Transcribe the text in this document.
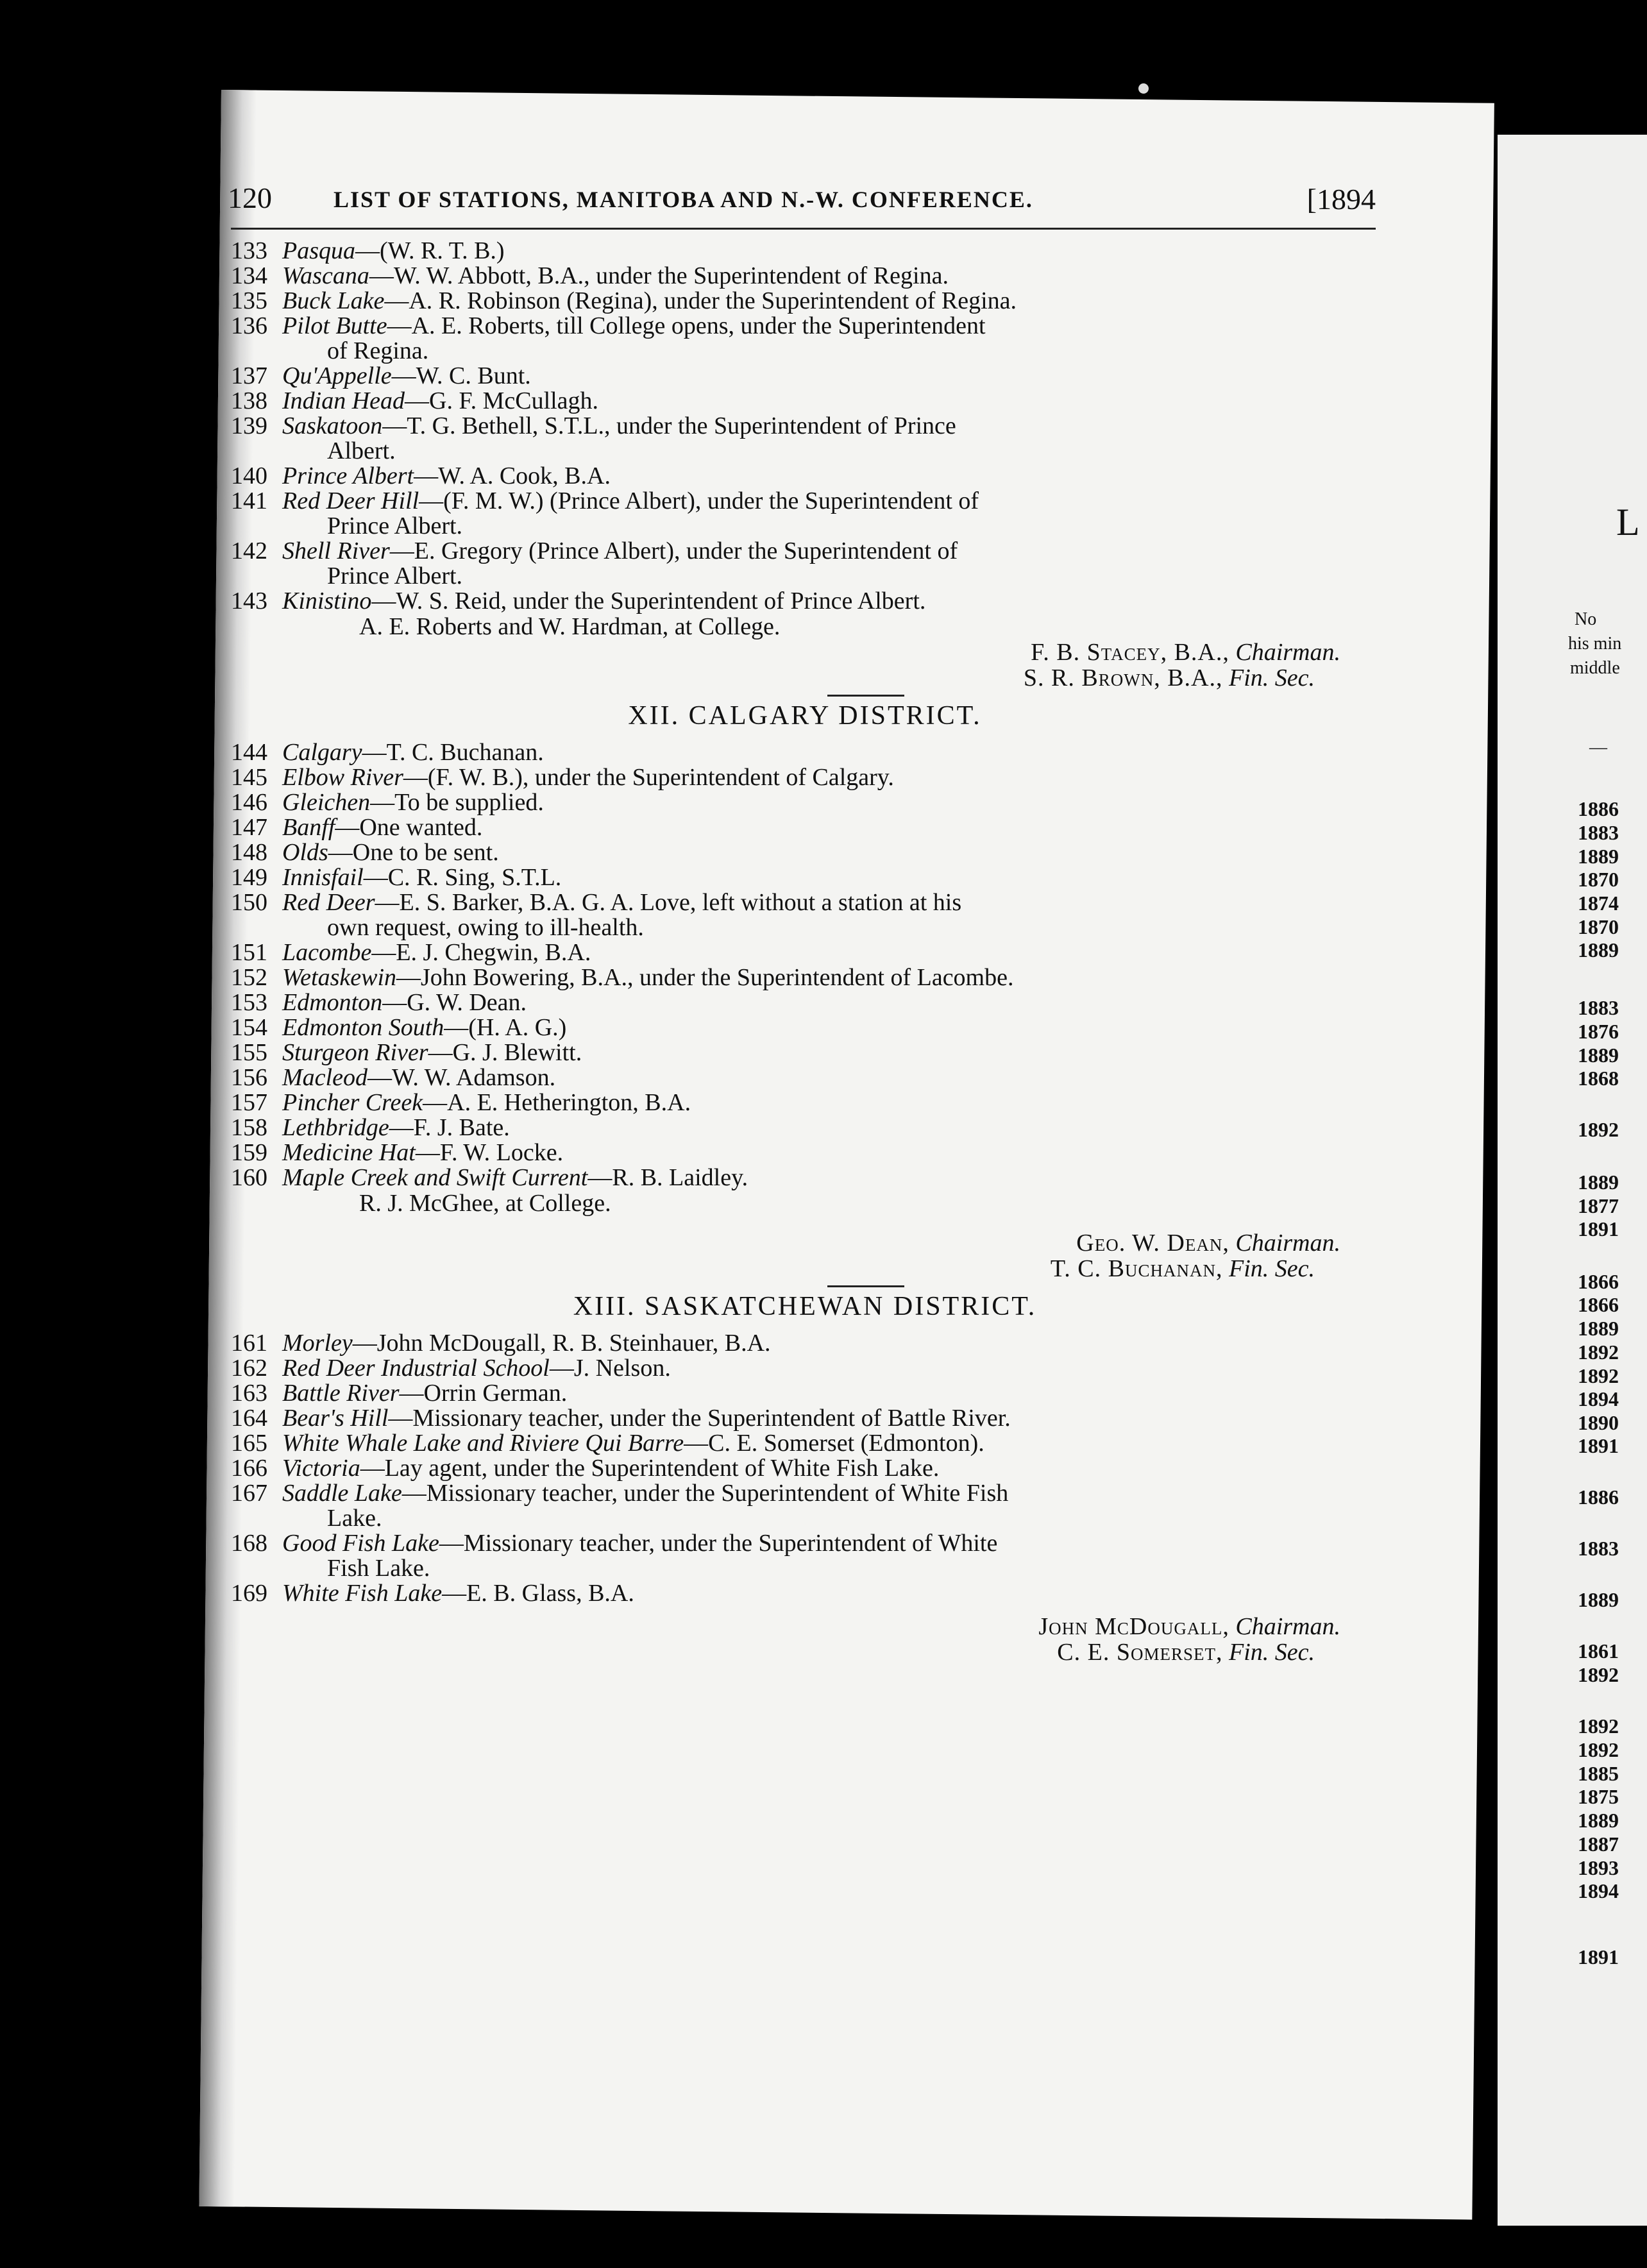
120	LIST OF STATIONS, MANITOBA AND N.-W. CONFERENCE.	[1894
133 Pasqua—(W. R. T. B.)
134 Wascana—W. W. Abbott, B.A., under the Superintendent of Regina.
135 Buck Lake—A. R. Robinson (Regina), under the Superintendent of Regina.
136 Pilot Butte—A. E. Roberts, till College opens, under the Superintendent
of Regina.
137 Qu'Appelle—W. C. Bunt.
138 Indian Head—G. F. McCullagh.
139 Saskatoon—T. G. Bethell, S.T.L., under the Superintendent of Prince
Albert.
140 Prince Albert—W. A. Cook, B.A.
141 Red Deer Hill—(F. M. W.) (Prince Albert), under the Superintendent of
Prince Albert.
142 Shell River—E. Gregory (Prince Albert), under the Superintendent of
Prince Albert.
143 Kinistino—W. S. Reid, under the Superintendent of Prince Albert.
A. E. Roberts and W. Hardman, at College.
F. B. Stacey, B.A., Chairman.
S. R. Brown, B.A., Fin. Sec.
XII. CALGARY DISTRICT.
144 Calgary—T. C. Buchanan.
145 Elbow River—(F. W. B.), under the Superintendent of Calgary.
146 Gleichen—To be supplied.
147 Banff—One wanted.
148 Olds—One to be sent.
149 Innisfail—C. R. Sing, S.T.L.
150 Red Deer—E. S. Barker, B.A. G. A. Love, left without a station at his
own request, owing to ill-health.
151 Lacombe—E. J. Chegwin, B.A.
152 Wetaskewin—John Bowering, B.A., under the Superintendent of Lacombe.
153 Edmonton—G. W. Dean.
154 Edmonton South—(H. A. G.)
155 Sturgeon River—G. J. Blewitt.
156 Macleod—W. W. Adamson.
157 Pincher Creek—A. E. Hetherington, B.A.
158 Lethbridge—F. J. Bate.
159 Medicine Hat—F. W. Locke.
160 Maple Creek and Swift Current—R. B. Laidley.
R. J. McGhee, at College.
Geo. W. Dean, Chairman.
T. C. Buchanan, Fin. Sec.
XIII. SASKATCHEWAN DISTRICT.
161 Morley—John McDougall, R. B. Steinhauer, B.A.
162 Red Deer Industrial School—J. Nelson.
163 Battle River—Orrin German.
164 Bear's Hill—Missionary teacher, under the Superintendent of Battle River.
165 White Whale Lake and Riviere Qui Barre—C. E. Somerset (Edmonton).
166 Victoria—Lay agent, under the Superintendent of White Fish Lake.
167 Saddle Lake—Missionary teacher, under the Superintendent of White Fish
Lake.
168 Good Fish Lake—Missionary teacher, under the Superintendent of White
Fish Lake.
169 White Fish Lake—E. B. Glass, B.A.
John McDougall, Chairman.
C. E. Somerset, Fin. Sec.
L
No
his min
middle
—
1886
1883
1889
1870
1874
1870
1889
1883
1876
1889
1868
1892
1889
1877
1891
1866
1866
1889
1892
1892
1894
1890
1891
1886
1883
1889
1861
1892
1892
1892
1885
1875
1889
1887
1893
1894
1891
